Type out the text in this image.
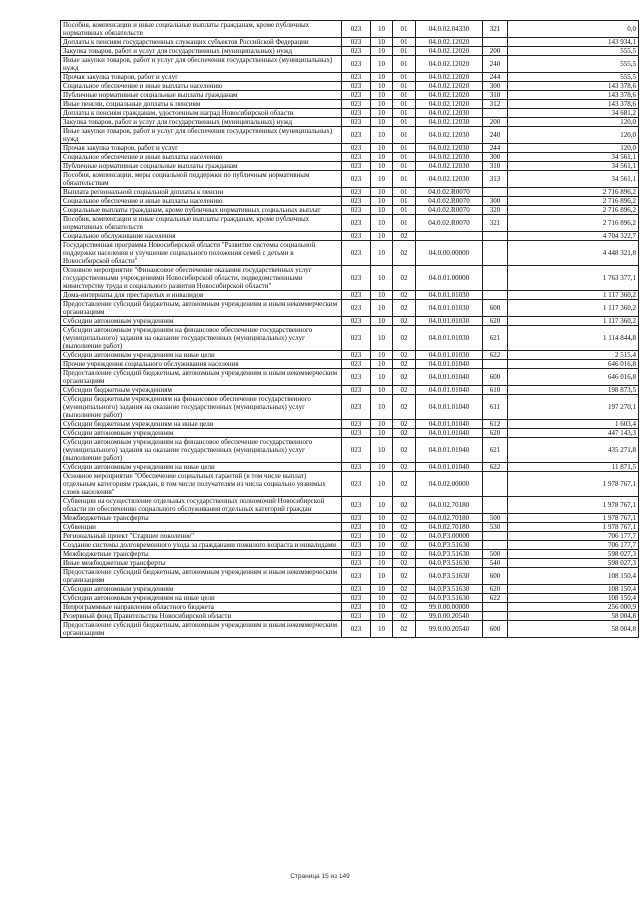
Пособия, компенсации и иные социальные выплаты гражданам, кроме публичных нормативных обязательств	023	10	01	04.0.02.04330	321	0,0
Доплаты к пенсиям государственных служащих субъектов Российской Федерации	023	10	01	04.0.02.12020		143 934,1
Закупка товаров, работ и услуг для государственных (муниципальных) нужд	023	10	01	04.0.02.12020	200	555,5
Иные закупки товаров, работ и услуг для обеспечения государственных (муниципальных) нужд	023	10	01	04.0.02.12020	240	555,5
Прочая закупка товаров, работ и услуг	023	10	01	04.0.02.12020	244	555,5
Социальное обеспечение и иные выплаты населению	023	10	01	04.0.02.12020	300	143 378,6
Публичные нормативные социальные выплаты гражданам	023	10	01	04.0.02.12020	310	143 378,6
Иные пенсии, социальные доплаты к пенсиям	023	10	01	04.0.02.12020	312	143 378,6
Доплаты к пенсиям гражданам, удостоенным наград Новосибирской области	023	10	01	04.0.02.12030		34 681,2
Закупка товаров, работ и услуг для государственных (муниципальных) нужд	023	10	01	04.0.02.12030	200	120,0
Иные закупки товаров, работ и услуг для обеспечения государственных (муниципальных) нужд	023	10	01	04.0.02.12030	240	120,0
Прочая закупка товаров, работ и услуг	023	10	01	04.0.02.12030	244	120,0
Социальное обеспечение и иные выплаты населению	023	10	01	04.0.02.12030	300	34 561,1
Публичные нормативные социальные выплаты гражданам	023	10	01	04.0.02.12030	310	34 561,1
Пособия, компенсации, меры социальной поддержки по публичным нормативным обязательствам	023	10	01	04.0.02.12030	313	34 561,1
Выплата региональной социальной доплаты к пенсии	023	10	01	04.0.02.R0070		2 716 896,2
Социальное обеспечение и иные выплаты населению	023	10	01	04.0.02.R0070	300	2 716 896,2
Социальные выплаты гражданам, кроме публичных нормативных социальных выплат	023	10	01	04.0.02.R0070	320	2 716 896,2
Пособия, компенсации и иные социальные выплаты гражданам, кроме публичных нормативных обязательств	023	10	01	04.0.02.R0070	321	2 716 896,2
Социальное обслуживание населения	023	10	02			4 704 322,7
Государственная программа Новосибирской области "Развитие системы социальной поддержки населения и улучшение социального положения семей с детьми в Новосибирской области"	023	10	02	04.0.00.00000		4 448 321,8
Основное мероприятие "Финансовое обеспечение оказания государственных услуг государственными учреждениями Новосибирской области, подведомственными министерству труда и социального развития Новосибирской области"	023	10	02	04.0.01.00000		1 763 377,1
Дома-интернаты для престарелых и инвалидов	023	10	02	04.0.01.01030		1 117 360,2
Предоставление субсидий бюджетным, автономным учреждениям и иным некоммерческим организациям	023	10	02	04.0.01.01030	600	1 117 360,2
Субсидии автономным учреждениям	023	10	02	04.0.01.01030	620	1 117 360,2
Субсидии автономным учреждениям на финансовое обеспечение государственного (муниципального) задания на оказание государственных (муниципальных) услуг (выполнение работ)	023	10	02	04.0.01.01030	621	1 114 844,8
Субсидии автономным учреждениям на иные цели	023	10	02	04.0.01.01030	622	2 515,4
Прочие учреждения социального обслуживания населения	023	10	02	04.0.01.01040		646 016,8
Предоставление субсидий бюджетным, автономным учреждениям и иным некоммерческим организациям	023	10	02	04.0.01.01040	600	646 016,8
Субсидии бюджетным учреждениям	023	10	02	04.0.01.01040	610	198 873,5
Субсидии бюджетным учреждениям на финансовое обеспечение государственного (муниципального) задания на оказание государственных (муниципальных) услуг (выполнение работ)	023	10	02	04.0.01.01040	611	197 270,1
Субсидии бюджетным учреждениям на иные цели	023	10	02	04.0.01.01040	612	1 603,4
Субсидии автономным учреждениям	023	10	02	04.0.01.01040	620	447 143,3
Субсидии автономным учреждениям на финансовое обеспечение государственного (муниципального) задания на оказание государственных (муниципальных) услуг (выполнение работ)	023	10	02	04.0.01.01040	621	435 271,8
Субсидии автономным учреждениям на иные цели	023	10	02	04.0.01.01040	622	11 871,5
Основное мероприятие "Обеспечение социальных гарантий (в том числе выплат) отдельным категориям граждан, в том числе получателям из числа социально уязвимых слоев населения"	023	10	02	04.0.02.00000		1 978 767,1
Субвенции на осуществление отдельных государственных полномочий Новосибирской области по обеспечению социального обслуживания отдельных категорий граждан	023	10	02	04.0.02.70180		1 978 767,1
Межбюджетные трансферты	023	10	02	04.0.02.70180	500	1 978 767,1
Субвенции	023	10	02	04.0.02.70180	530	1 978 767,1
Региональный проект "Старшее поколение"	023	10	02	04.0.P3.00000		706 177,7
Создание системы долговременного ухода за гражданами пожилого возраста и инвалидами	023	10	02	04.0.P3.51630		706 177,7
Межбюджетные трансферты	023	10	02	04.0.P3.51630	500	598 027,3
Иные межбюджетные трансферты	023	10	02	04.0.P3.51630	540	598 027,3
Предоставление субсидий бюджетным, автономным учреждениям и иным некоммерческим организациям	023	10	02	04.0.P3.51630	600	108 150,4
Субсидии автономным учреждениям	023	10	02	04.0.P3.51630	620	108 150,4
Субсидии автономным учреждениям на иные цели	023	10	02	04.0.P3.51630	622	108 150,4
Непрограммные направления областного бюджета	023	10	02	99.0.00.00000		256 000,9
Резервный фонд Правительства Новосибирской области	023	10	02	99.0.00.20540		58 004,8
Предоставление субсидий бюджетным, автономным учреждениям и иным некоммерческим организациям	023	10	02	99.0.00.20540	600	58 004,8
Страница 15 из 149
